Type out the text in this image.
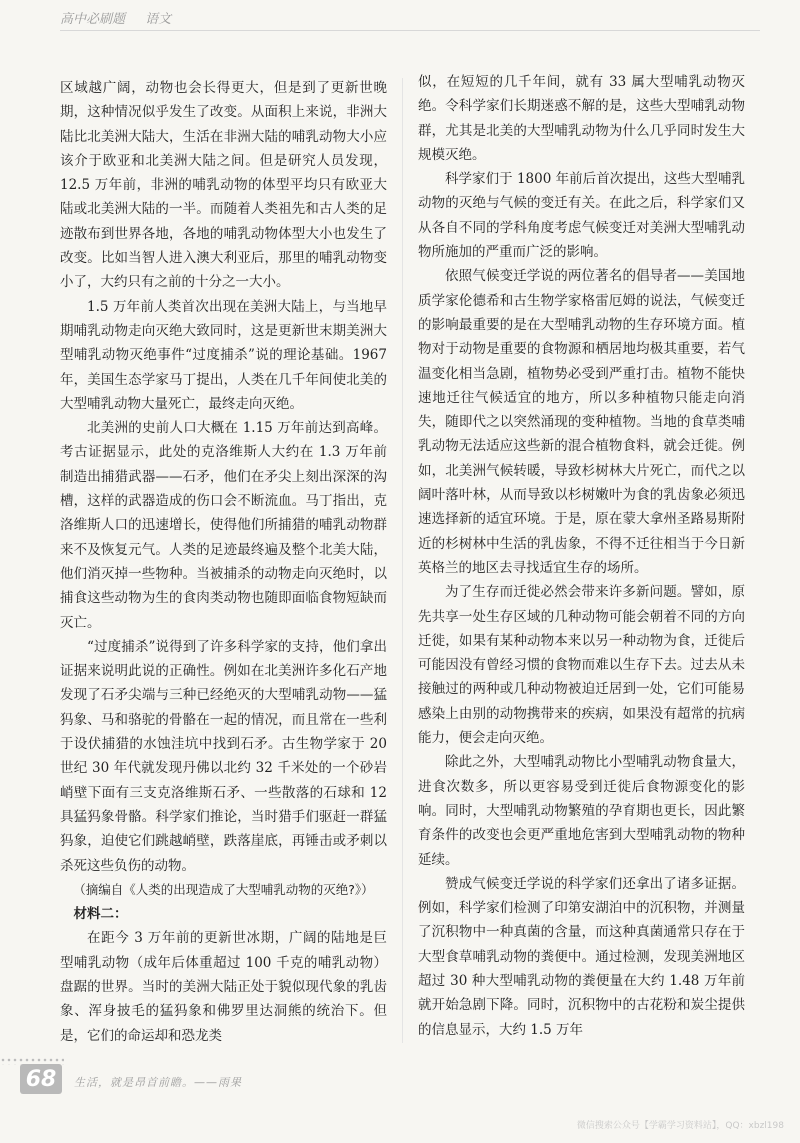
高中必刷题 语文

区域越广阔，动物也会长得更大，但是到了更新世晚期，这种情况似乎发生了改变。从面积上来说，非洲大陆比北美洲大陆大，生活在非洲大陆的哺乳动物大小应该介于欧亚和北美洲大陆之间。但是研究人员发现，12.5 万年前，非洲的哺乳动物的体型平均只有欧亚大陆或北美洲大陆的一半。而随着人类祖先和古人类的足迹散布到世界各地，各地的哺乳动物体型大小也发生了改变。比如当智人进入澳大利亚后，那里的哺乳动物变小了，大约只有之前的十分之一大小。

1.5 万年前人类首次出现在美洲大陆上，与当地早期哺乳动物走向灭绝大致同时，这是更新世末期美洲大型哺乳动物灭绝事件“过度捕杀”说的理论基础。1967 年，美国生态学家马丁提出，人类在几千年间使北美的大型哺乳动物大量死亡，最终走向灭绝。

北美洲的史前人口大概在 1.15 万年前达到高峰。考古证据显示，此处的克洛维斯人大约在 1.3 万年前制造出捕猎武器——石矛，他们在矛尖上刻出深深的沟槽，这样的武器造成的伤口会不断流血。马丁指出，克洛维斯人口的迅速增长，使得他们所捕猎的哺乳动物群来不及恢复元气。人类的足迹最终遍及整个北美大陆，他们消灭掉一些物种。当被捕杀的动物走向灭绝时，以捕食这些动物为生的食肉类动物也随即面临食物短缺而灭亡。

“过度捕杀”说得到了许多科学家的支持，他们拿出证据来说明此说的正确性。例如在北美洲许多化石产地发现了石矛尖端与三种已经绝灭的大型哺乳动物——猛犸象、马和骆驼的骨骼在一起的情况，而且常在一些利于设伏捕猎的水蚀洼坑中找到石矛。古生物学家于 20 世纪 30 年代就发现丹佛以北约 32 千米处的一个砂岩峭壁下面有三支克洛维斯石矛、一些散落的石球和 12 具猛犸象骨骼。科学家们推论，当时猎手们驱赶一群猛犸象，迫使它们跳越峭壁，跌落崖底，再锤击或矛刺以杀死这些负伤的动物。

（摘编自《人类的出现造成了大型哺乳动物的灭绝?》）

材料二：

在距今 3 万年前的更新世冰期，广阔的陆地是巨型哺乳动物（成年后体重超过 100 千克的哺乳动物）盘踞的世界。当时的美洲大陆正处于貌似现代象的乳齿象、浑身披毛的猛犸象和佛罗里达洞熊的统治下。但是，它们的命运却和恐龙类

似，在短短的几千年间，就有 33 属大型哺乳动物灭绝。令科学家们长期迷惑不解的是，这些大型哺乳动物群，尤其是北美的大型哺乳动物为什么几乎同时发生大规模灭绝。

科学家们于 1800 年前后首次提出，这些大型哺乳动物的灭绝与气候的变迁有关。在此之后，科学家们又从各自不同的学科角度考虑气候变迁对美洲大型哺乳动物所施加的严重而广泛的影响。

依照气候变迁学说的两位著名的倡导者——美国地质学家伦德希和古生物学家格雷厄姆的说法，气候变迁的影响最重要的是在大型哺乳动物的生存环境方面。植物对于动物是重要的食物源和栖居地均极其重要，若气温变化相当急剧，植物势必受到严重打击。植物不能快速地迁往气候适宜的地方，所以多种植物只能走向消失，随即代之以突然涌现的变种植物。当地的食草类哺乳动物无法适应这些新的混合植物食料，就会迁徙。例如，北美洲气候转暖，导致杉树林大片死亡，而代之以阔叶落叶林，从而导致以杉树嫩叶为食的乳齿象必须迅速选择新的适宜环境。于是，原在蒙大拿州圣路易斯附近的杉树林中生活的乳齿象，不得不迁往相当于今日新英格兰的地区去寻找适宜生存的场所。

为了生存而迁徙必然会带来许多新问题。譬如，原先共享一处生存区域的几种动物可能会朝着不同的方向迁徙，如果有某种动物本来以另一种动物为食，迁徙后可能因没有曾经习惯的食物而难以生存下去。过去从未接触过的两种或几种动物被迫迁居到一处，它们可能易感染上由别的动物携带来的疾病，如果没有超常的抗病能力，便会走向灭绝。

除此之外，大型哺乳动物比小型哺乳动物食量大，进食次数多，所以更容易受到迁徙后食物源变化的影响。同时，大型哺乳动物繁殖的孕育期也更长，因此繁育条件的改变也会更严重地危害到大型哺乳动物的物种延续。

赞成气候变迁学说的科学家们还拿出了诸多证据。例如，科学家们检测了印第安湖泊中的沉积物，并测量了沉积物中一种真菌的含量，而这种真菌通常只存在于大型食草哺乳动物的粪便中。通过检测，发现美洲地区超过 30 种大型哺乳动物的粪便量在大约 1.48 万年前就开始急剧下降。同时，沉积物中的古花粉和炭尘提供的信息显示，大约 1.5 万年

68	生活，就是昂首前瞻。——雨果
微信搜索公众号【学霸学习资料站】，QQ：xbzl198
